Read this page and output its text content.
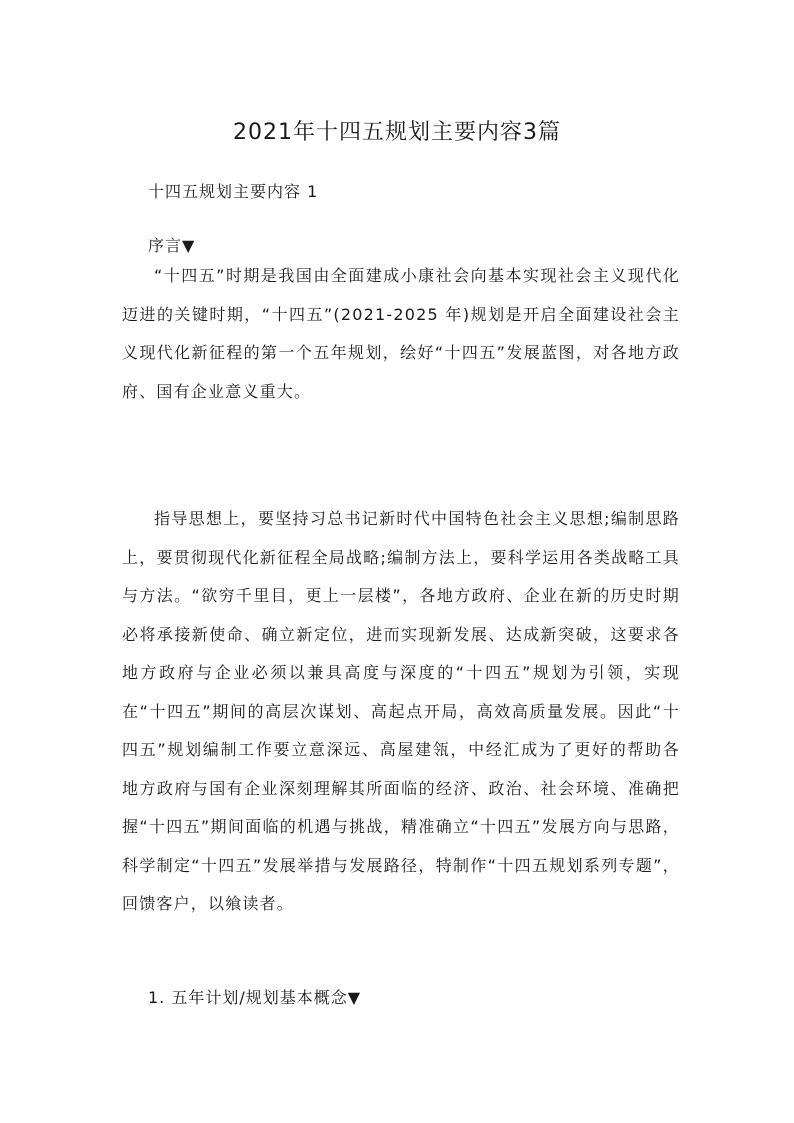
2021年十四五规划主要内容3篇
十四五规划主要内容 1
序言▼

“十四五”时期是我国由全面建成小康社会向基本实现社会主义现代化迈进的关键时期，“十四五”(2021-2025 年)规划是开启全面建设社会主义现代化新征程的第一个五年规划，绘好“十四五”发展蓝图，对各地方政府、国有企业意义重大。

指导思想上，要坚持习总书记新时代中国特色社会主义思想;编制思路上，要贯彻现代化新征程全局战略;编制方法上，要科学运用各类战略工具与方法。“欲穷千里目，更上一层楼”，各地方政府、企业在新的历史时期必将承接新使命、确立新定位，进而实现新发展、达成新突破，这要求各地方政府与企业必须以兼具高度与深度的“十四五”规划为引领，实现在“十四五”期间的高层次谋划、高起点开局，高效高质量发展。因此“十四五”规划编制工作要立意深远、高屋建瓴，中经汇成为了更好的帮助各地方政府与国有企业深刻理解其所面临的经济、政治、社会环境、准确把握“十四五”期间面临的机遇与挑战，精准确立“十四五”发展方向与思路，科学制定“十四五”发展举措与发展路径，特制作“十四五规划系列专题”，回馈客户，以飨读者。

1. 五年计划/规划基本概念▼
